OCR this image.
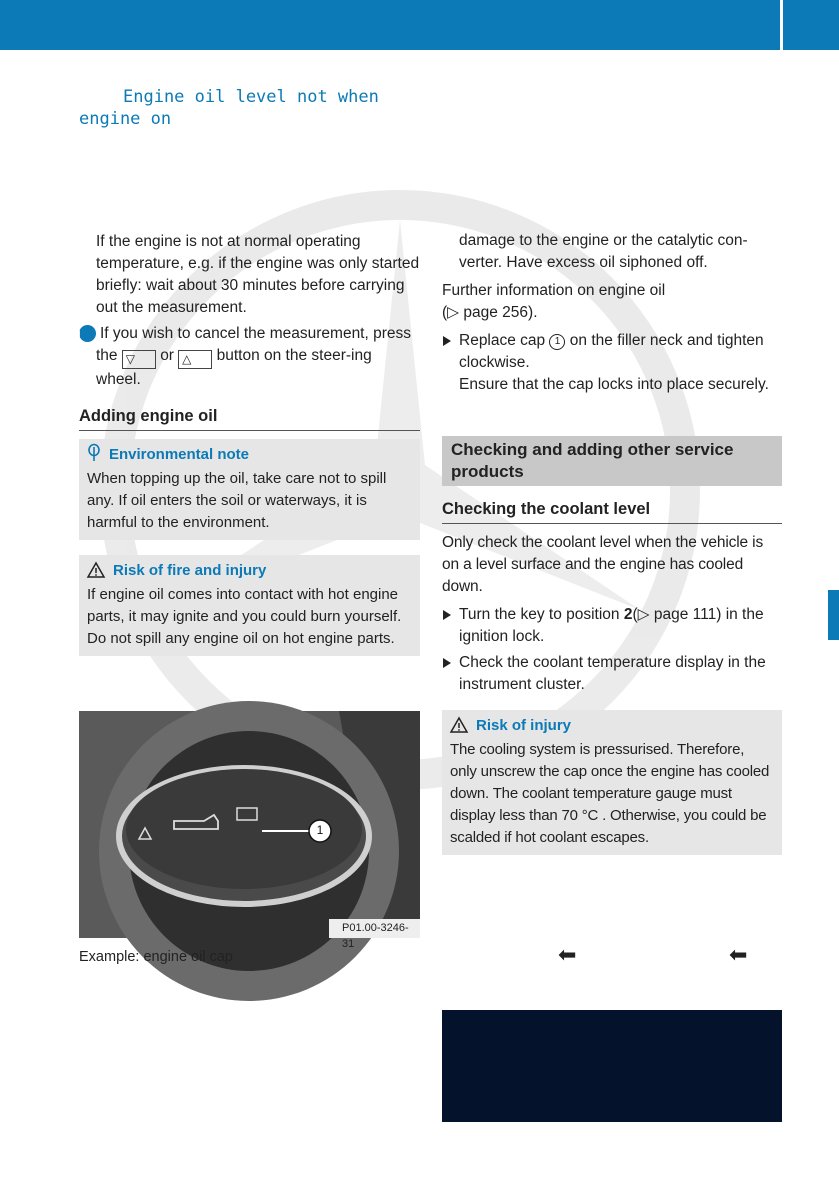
Engine oil level not when
engine on

If the engine is not at normal operating temperature, e.g. if the engine was only started briefly: wait about 30 minutes before carrying out the measurement.

i If you wish to cancel the measurement, press the ▽ or △ button on the steer-ing wheel.

Adding engine oil
Environmental note
When topping up the oil, take care not to spill any. If oil enters the soil or waterways, it is harmful to the environment.
Risk of fire and injury
If engine oil comes into contact with hot engine parts, it may ignite and you could burn yourself. Do not spill any engine oil on hot engine parts.
1
P01.00-3246-31
Example: engine oil cap

damage to the engine or the catalytic con-verter. Have excess oil siphoned off.

Further information on engine oil
(▷ page 256).

Replace cap 1 on the filler neck and tighten clockwise.
Ensure that the cap locks into place securely.
Checking and adding other service products
Checking the coolant level

Only check the coolant level when the vehicle is on a level surface and the engine has cooled down.

Turn the key to position 2(▷ page 111) in the ignition lock.
Check the coolant temperature display in the instrument cluster.
Risk of injury
The cooling system is pressurised. Therefore, only unscrew the cap once the engine has cooled down. The coolant temperature gauge must display less than 70 °C . Otherwise, you could be scalded if hot coolant escapes.
⬅	⬅
